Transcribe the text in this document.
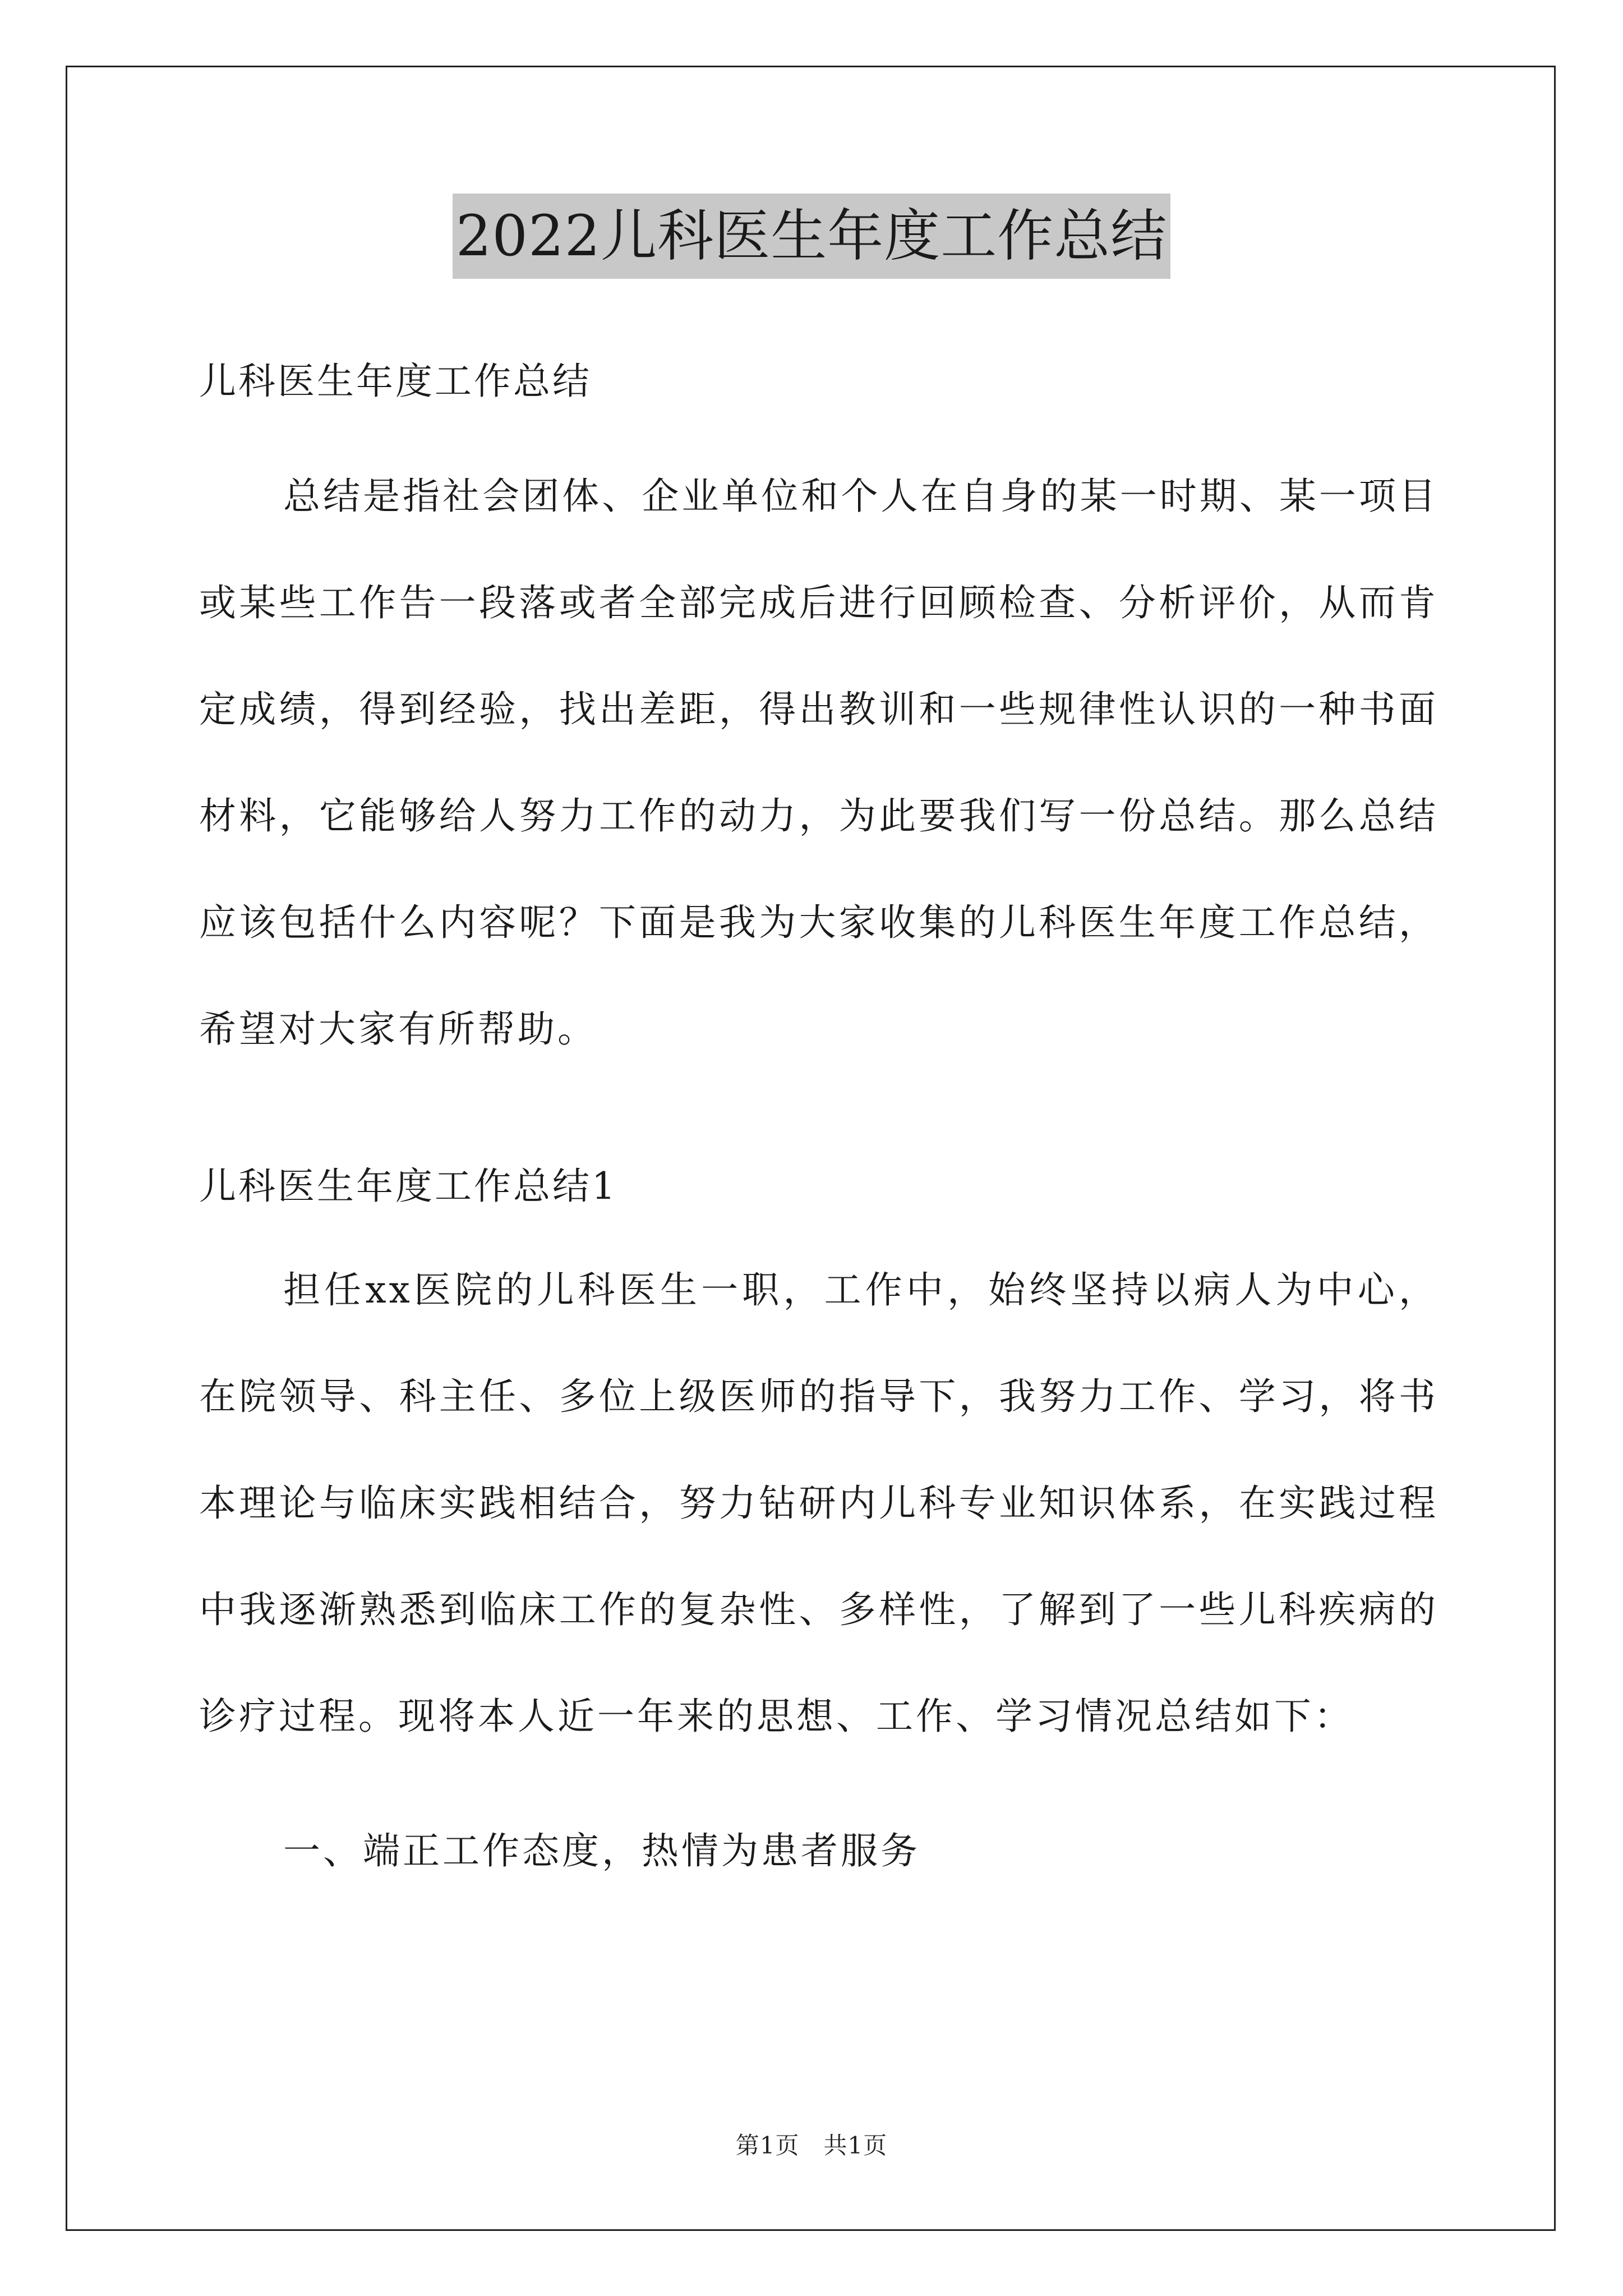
2022儿科医生年度工作总结

儿科医生年度工作总结

总结是指社会团体、企业单位和个人在自身的某一时期、某一项目或某些工作告一段落或者全部完成后进行回顾检查、分析评价，从而肯定成绩，得到经验，找出差距，得出教训和一些规律性认识的一种书面材料，它能够给人努力工作的动力，为此要我们写一份总结。那么总结应该包括什么内容呢？下面是我为大家收集的儿科医生年度工作总结，希望对大家有所帮助。

儿科医生年度工作总结1

担任xx医院的儿科医生一职，工作中，始终坚持以病人为中心，在院领导、科主任、多位上级医师的指导下，我努力工作、学习，将书本理论与临床实践相结合，努力钻研内儿科专业知识体系，在实践过程中我逐渐熟悉到临床工作的复杂性、多样性，了解到了一些儿科疾病的诊疗过程。现将本人近一年来的思想、工作、学习情况总结如下：

一、端正工作态度，热情为患者服务

第1页　共1页
